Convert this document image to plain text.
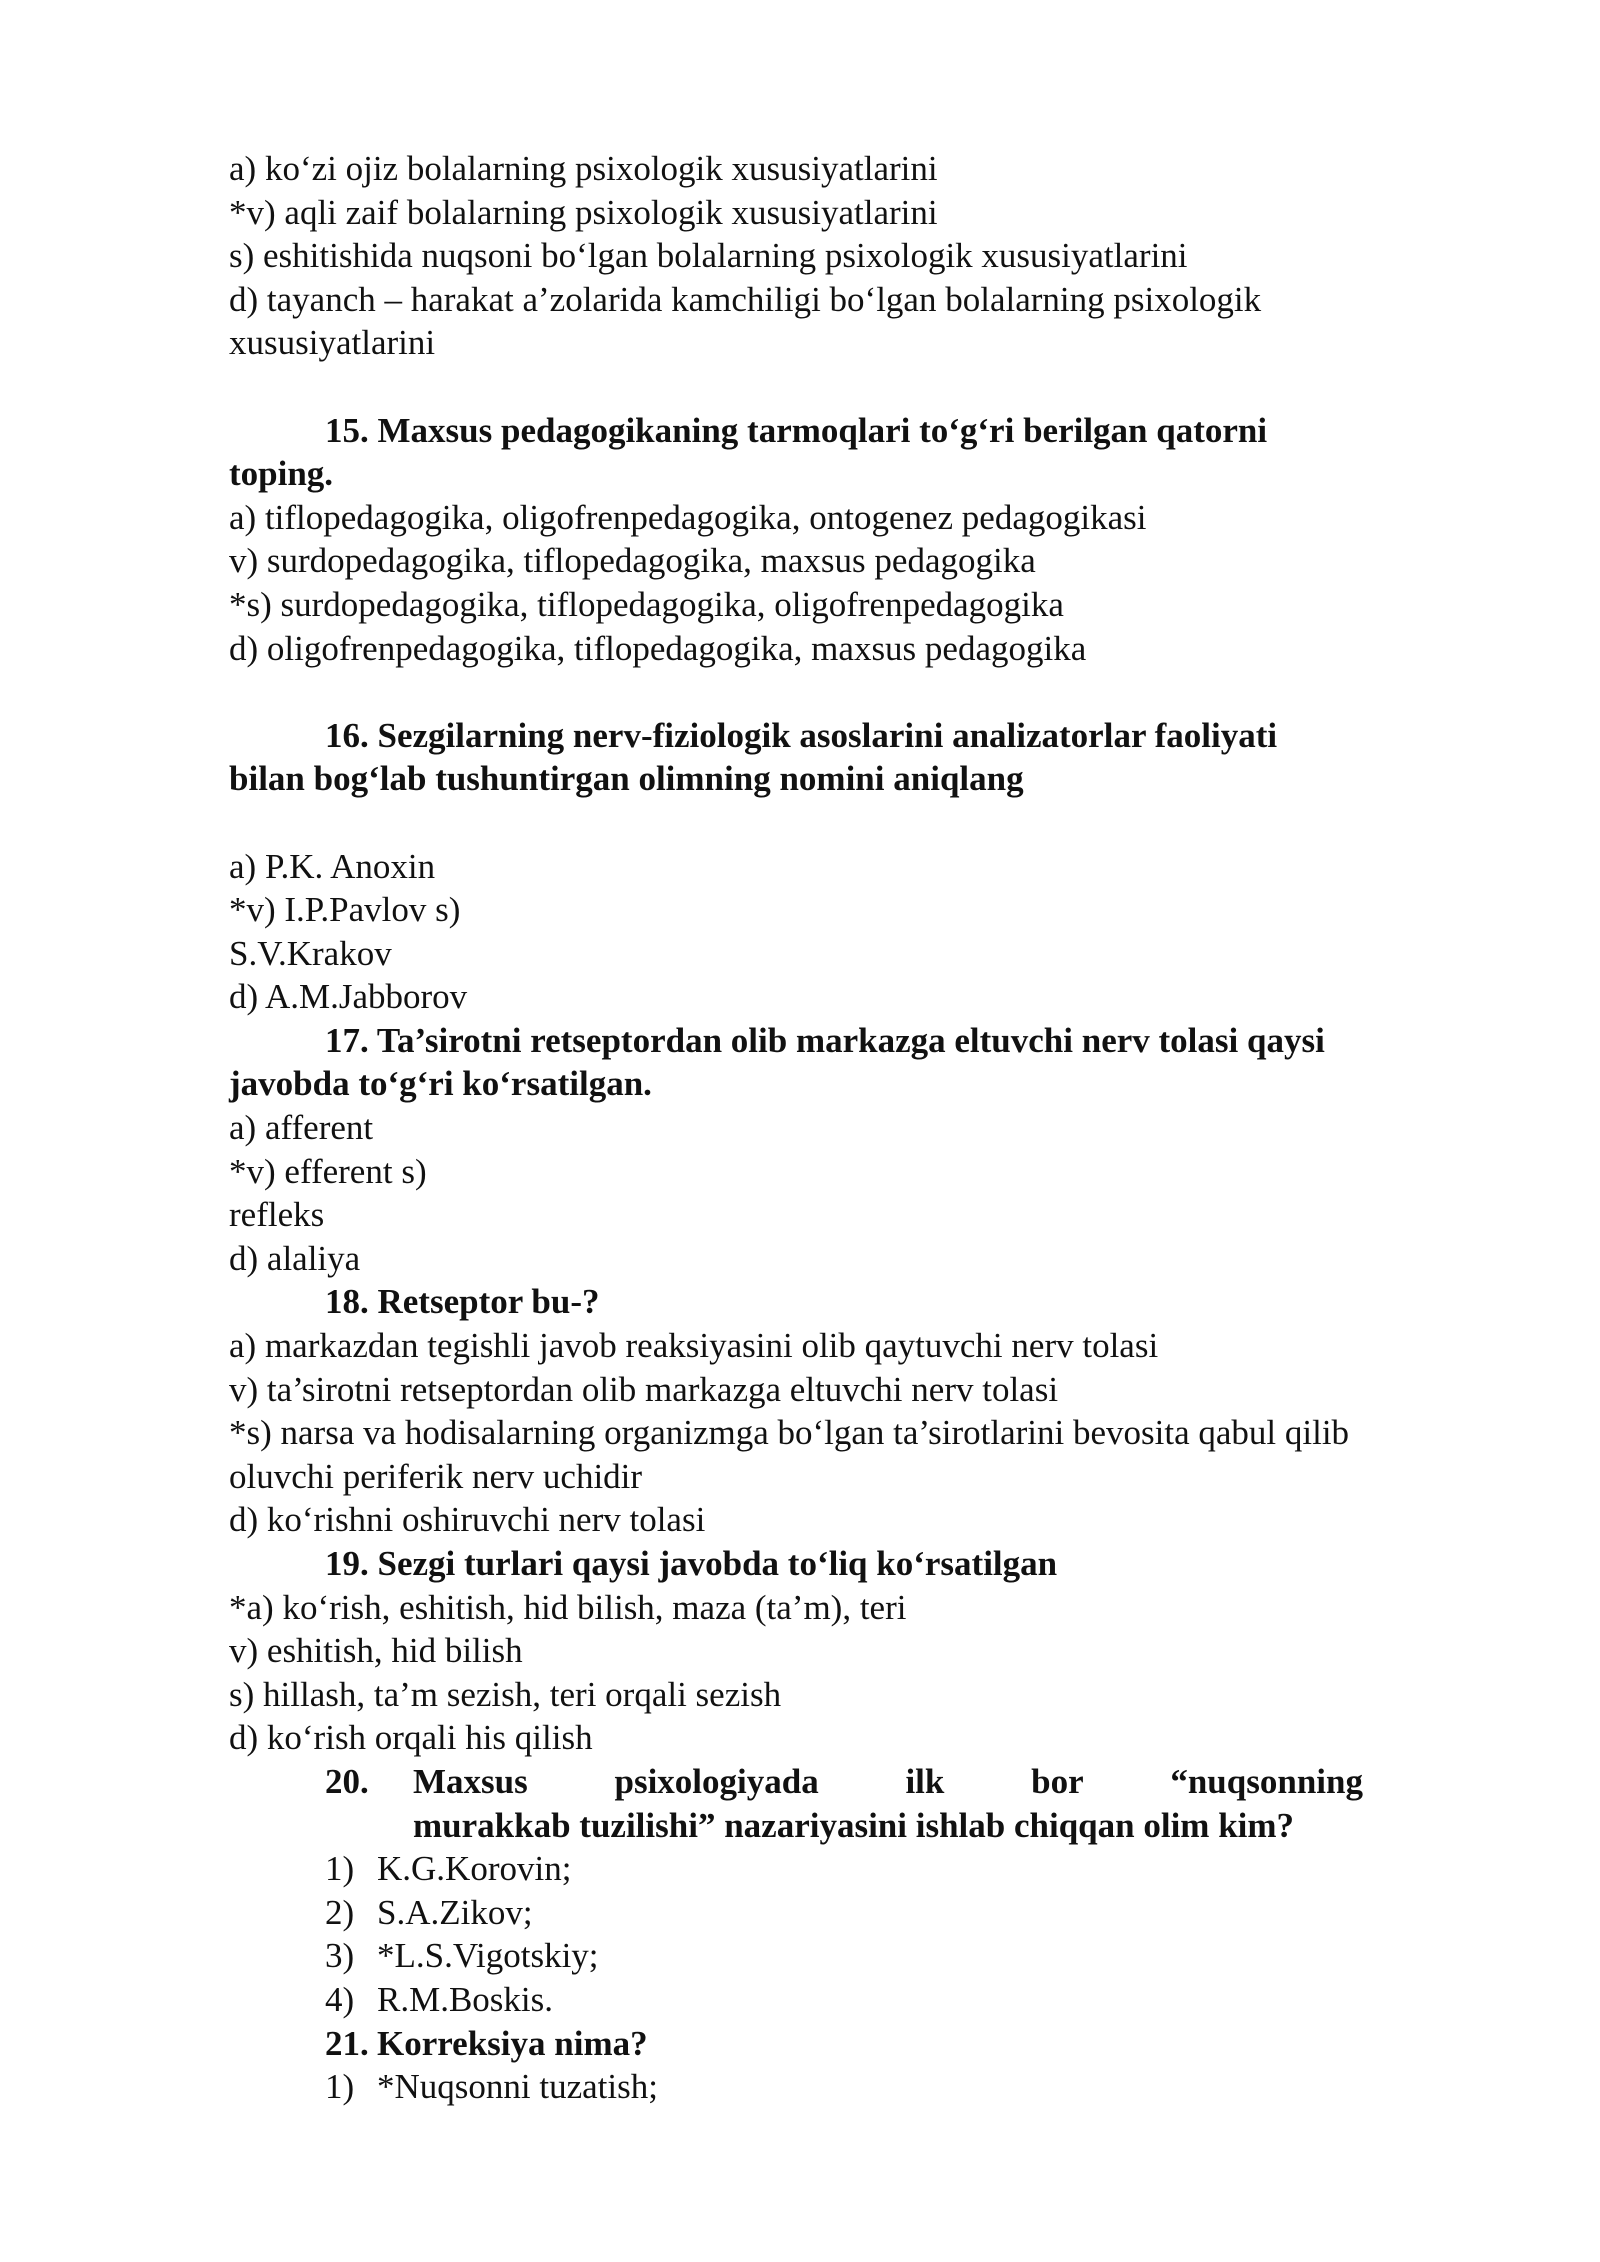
a) ko‘zi ojiz bolalarning psixologik xususiyatlarini
*v) aqli zaif bolalarning psixologik xususiyatlarini
s) eshitishida nuqsoni bo‘lgan bolalarning psixologik xususiyatlarini
d) tayanch – harakat a’zolarida kamchiligi bo‘lgan bolalarning psixologik
xususiyatlarini
15. Maxsus pedagogikaning tarmoqlari to‘g‘ri berilgan qatorni
toping.
a) tiflopedagogika, oligofrenpedagogika, ontogenez pedagogikasi
v) surdopedagogika, tiflopedagogika, maxsus pedagogika
*s) surdopedagogika, tiflopedagogika, oligofrenpedagogika
d) oligofrenpedagogika, tiflopedagogika, maxsus pedagogika
16. Sezgilarning nerv-fiziologik asoslarini analizatorlar faoliyati
bilan bog‘lab tushuntirgan olimning nomini aniqlang
a) P.K. Anoxin
*v) I.P.Pavlov s)
S.V.Krakov
d) A.M.Jabborov
17. Ta’sirotni retseptordan olib markazga eltuvchi nerv tolasi qaysi
javobda to‘g‘ri ko‘rsatilgan.
a) afferent
*v) efferent s)
refleks
d) alaliya
18. Retseptor bu-?
a) markazdan tegishli javob reaksiyasini olib qaytuvchi nerv tolasi
v) ta’sirotni retseptordan olib markazga eltuvchi nerv tolasi
*s) narsa va hodisalarning organizmga bo‘lgan ta’sirotlarini bevosita qabul qilib
oluvchi periferik nerv uchidir
d) ko‘rishni oshiruvchi nerv tolasi
19. Sezgi turlari qaysi javobda to‘liq ko‘rsatilgan
*a) ko‘rish, eshitish, hid bilish, maza (ta’m), teri
v) eshitish, hid bilish
s) hillash, ta’m sezish, teri orqali sezish
d) ko‘rish orqali his qilish
20.	Maxsus psixologiyada ilk bor “nuqsonning
murakkab tuzilishi” nazariyasini ishlab chiqqan olim kim?
1) K.G.Korovin;
2) S.A.Zikov;
3) *L.S.Vigotskiy;
4) R.M.Boskis.
21. Korreksiya nima?
1) *Nuqsonni tuzatish;
